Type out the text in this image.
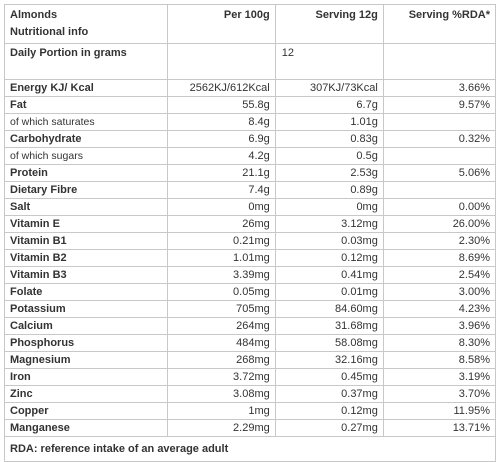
Almonds
Nutritional info	Per 100g	Serving 12g	Serving %RDA*
Daily Portion in grams		12	
Energy KJ/ Kcal	2562KJ/612Kcal	307KJ/73Kcal	3.66%
Fat	55.8g	6.7g	9.57%
of which saturates	8.4g	1.01g	
Carbohydrate	6.9g	0.83g	0.32%
of which sugars	4.2g	0.5g	
Protein	21.1g	2.53g	5.06%
Dietary Fibre	7.4g	0.89g	
Salt	0mg	0mg	0.00%
Vitamin E	26mg	3.12mg	26.00%
Vitamin B1	0.21mg	0.03mg	2.30%
Vitamin B2	1.01mg	0.12mg	8.69%
Vitamin B3	3.39mg	0.41mg	2.54%
Folate	0.05mg	0.01mg	3.00%
Potassium	705mg	84.60mg	4.23%
Calcium	264mg	31.68mg	3.96%
Phosphorus	484mg	58.08mg	8.30%
Magnesium	268mg	32.16mg	8.58%
Iron	3.72mg	0.45mg	3.19%
Zinc	3.08mg	0.37mg	3.70%
Copper	1mg	0.12mg	11.95%
Manganese	2.29mg	0.27mg	13.71%
RDA: reference intake of an average adult			
